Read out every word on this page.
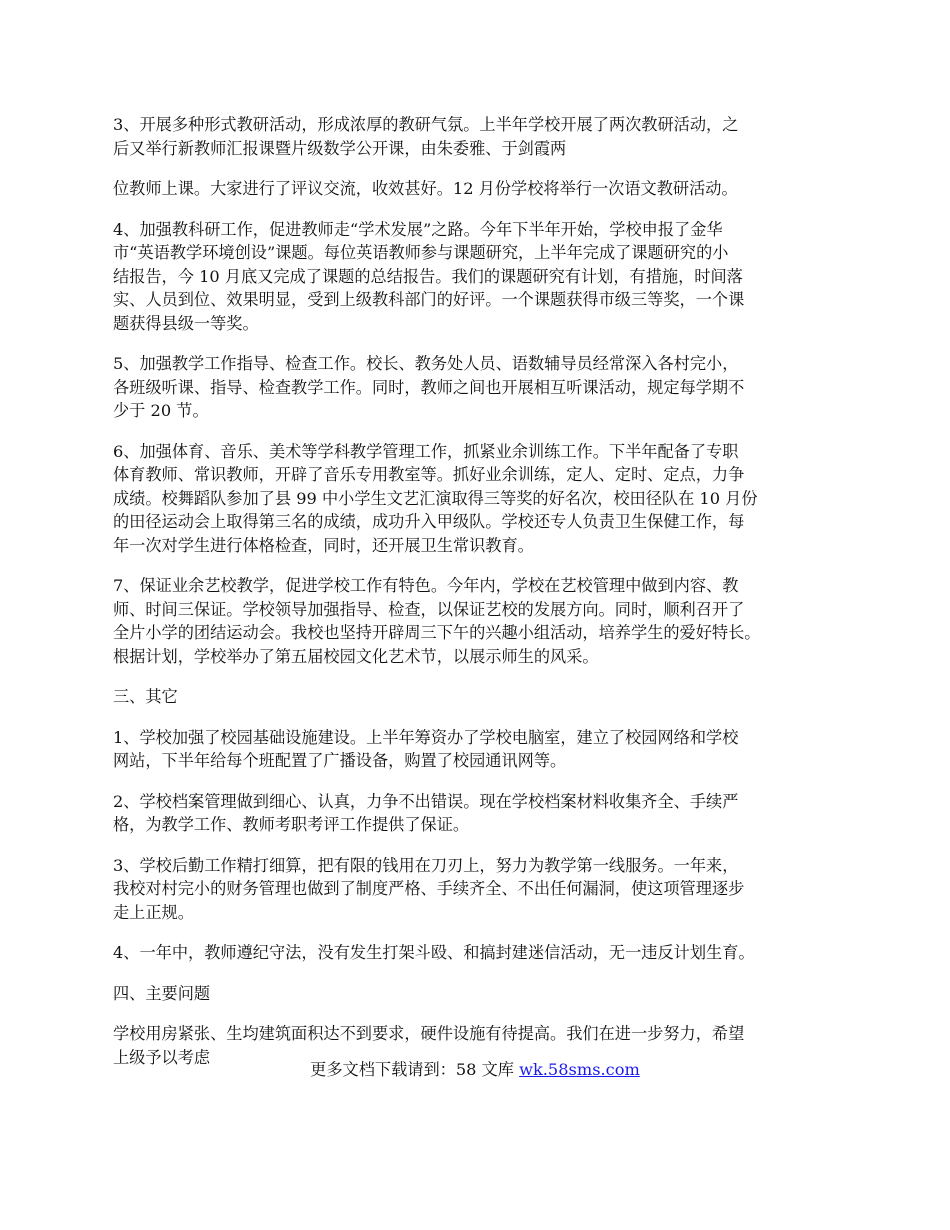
3、开展多种形式教研活动，形成浓厚的教研气氛。上半年学校开展了两次教研活动，之
后又举行新教师汇报课暨片级数学公开课，由朱委雅、于剑霞两
位教师上课。大家进行了评议交流，收效甚好。12 月份学校将举行一次语文教研活动。
4、加强教科研工作，促进教师走“学术发展”之路。今年下半年开始，学校申报了金华
市“英语教学环境创设”课题。每位英语教师参与课题研究，上半年完成了课题研究的小
结报告，今 10 月底又完成了课题的总结报告。我们的课题研究有计划，有措施，时间落
实、人员到位、效果明显，受到上级教科部门的好评。一个课题获得市级三等奖，一个课
题获得县级一等奖。
5、加强教学工作指导、检查工作。校长、教务处人员、语数辅导员经常深入各村完小，
各班级听课、指导、检查教学工作。同时，教师之间也开展相互听课活动，规定每学期不
少于 20 节。
6、加强体育、音乐、美术等学科教学管理工作，抓紧业余训练工作。下半年配备了专职
体育教师、常识教师，开辟了音乐专用教室等。抓好业余训练，定人、定时、定点，力争
成绩。校舞蹈队参加了县 99 中小学生文艺汇演取得三等奖的好名次，校田径队在 10 月份
的田径运动会上取得第三名的成绩，成功升入甲级队。学校还专人负责卫生保健工作，每
年一次对学生进行体格检查，同时，还开展卫生常识教育。
7、保证业余艺校教学，促进学校工作有特色。今年内，学校在艺校管理中做到内容、教
师、时间三保证。学校领导加强指导、检查，以保证艺校的发展方向。同时，顺利召开了
全片小学的团结运动会。我校也坚持开辟周三下午的兴趣小组活动，培养学生的爱好特长。
根据计划，学校举办了第五届校园文化艺术节，以展示师生的风采。
三、其它
1、学校加强了校园基础设施建设。上半年筹资办了学校电脑室，建立了校园网络和学校
网站，下半年给每个班配置了广播设备，购置了校园通讯网等。
2、学校档案管理做到细心、认真，力争不出错误。现在学校档案材料收集齐全、手续严
格，为教学工作、教师考职考评工作提供了保证。
3、学校后勤工作精打细算，把有限的钱用在刀刃上，努力为教学第一线服务。一年来，
我校对村完小的财务管理也做到了制度严格、手续齐全、不出任何漏洞，使这项管理逐步
走上正规。
4、一年中，教师遵纪守法，没有发生打架斗殴、和搞封建迷信活动，无一违反计划生育。
四、主要问题
学校用房紧张、生均建筑面积达不到要求，硬件设施有待提高。我们在进一步努力，希望
上级予以考虑
更多文档下载请到：58 文库 wk.58sms.com
